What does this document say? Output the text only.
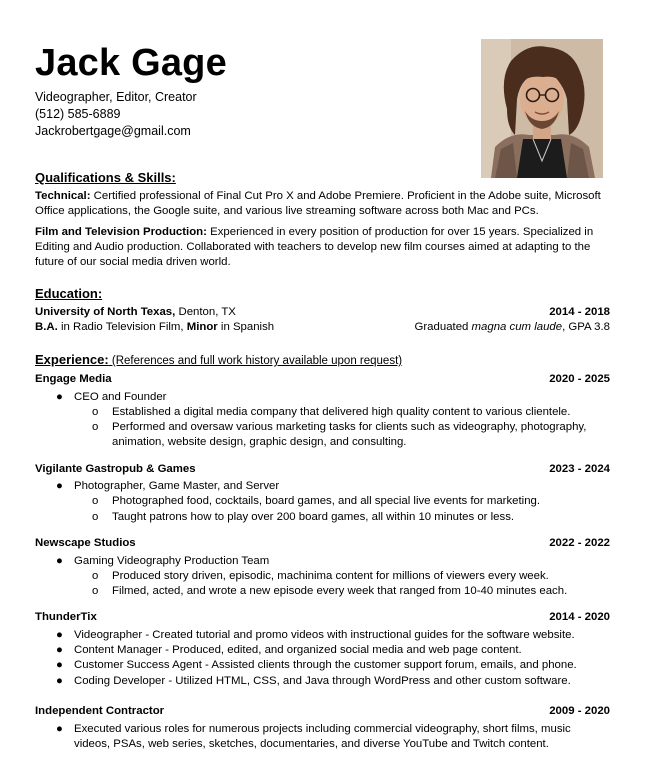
Jack Gage
Videographer, Editor, Creator
(512) 585-6889
Jackrobertgage@gmail.com
Qualifications & Skills:
Technical: Certified professional of Final Cut Pro X and Adobe Premiere. Proficient in the Adobe suite, Microsoft Office applications, the Google suite, and various live streaming software across both Mac and PCs.
Film and Television Production: Experienced in every position of production for over 15 years. Specialized in Editing and Audio production. Collaborated with teachers to develop new film courses aimed at adapting to the future of our social media driven world.
Education:
University of North Texas, Denton, TX	2014 - 2018
B.A. in Radio Television Film, Minor in Spanish	Graduated magna cum laude, GPA 3.8
Experience: (References and full work history available upon request)
Engage Media	2020 - 2025
● CEO and Founder
o Established a digital media company that delivered high quality content to various clientele.
o Performed and oversaw various marketing tasks for clients such as videography, photography, animation, website design, graphic design, and consulting.
Vigilante Gastropub & Games	2023 - 2024
● Photographer, Game Master, and Server
o Photographed food, cocktails, board games, and all special live events for marketing.
o Taught patrons how to play over 200 board games, all within 10 minutes or less.
Newscape Studios	2022 - 2022
● Gaming Videography Production Team
o Produced story driven, episodic, machinima content for millions of viewers every week.
o Filmed, acted, and wrote a new episode every week that ranged from 10-40 minutes each.
ThunderTix	2014 - 2020
● Videographer - Created tutorial and promo videos with instructional guides for the software website.
● Content Manager - Produced, edited, and organized social media and web page content.
● Customer Success Agent - Assisted clients through the customer support forum, emails, and phone.
● Coding Developer - Utilized HTML, CSS, and Java through WordPress and other custom software.
Independent Contractor	2009 - 2020
● Executed various roles for numerous projects including commercial videography, short films, music videos, PSAs, web series, sketches, documentaries, and diverse YouTube and Twitch content.
